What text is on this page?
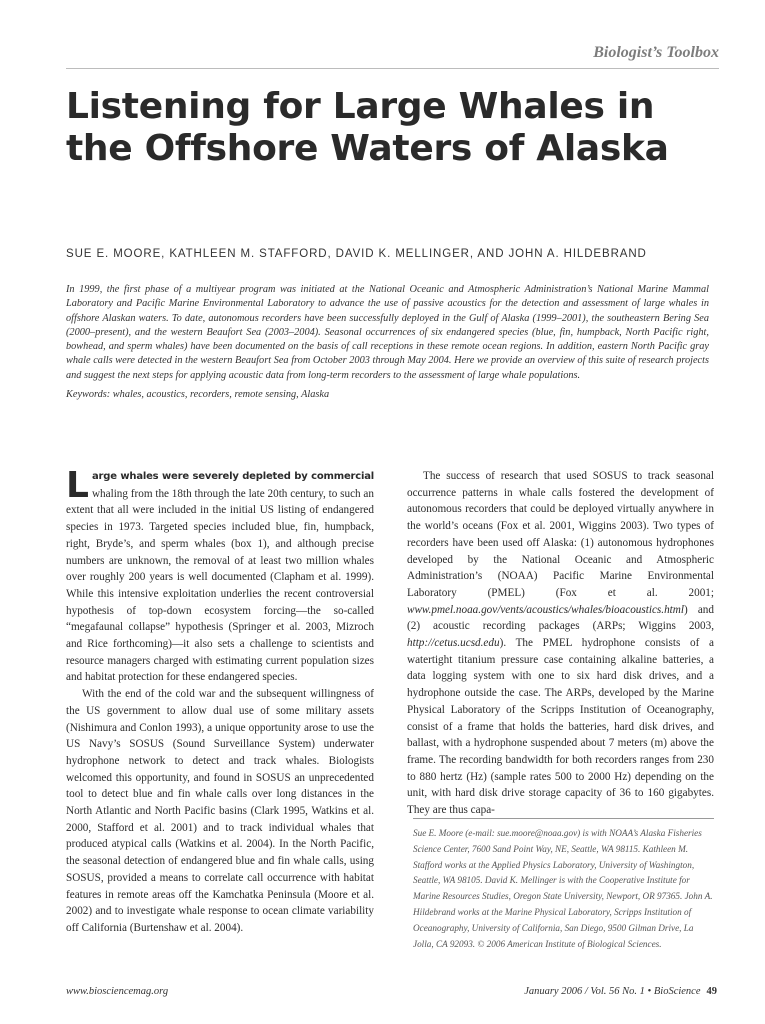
Biologist’s Toolbox
Listening for Large Whales in
the Offshore Waters of Alaska
SUE E. MOORE, KATHLEEN M. STAFFORD, DAVID K. MELLINGER, AND JOHN A. HILDEBRAND

In 1999, the first phase of a multiyear program was initiated at the National Oceanic and Atmospheric Administration’s National Marine Mammal Laboratory and Pacific Marine Environmental Laboratory to advance the use of passive acoustics for the detection and assessment of large whales in offshore Alaskan waters. To date, autonomous recorders have been successfully deployed in the Gulf of Alaska (1999–2001), the southeastern Bering Sea (2000–present), and the western Beaufort Sea (2003–2004). Seasonal occurrences of six endangered species (blue, fin, humpback, North Pacific right, bowhead, and sperm whales) have been documented on the basis of call receptions in these remote ocean regions. In addition, eastern North Pacific gray whale calls were detected in the western Beaufort Sea from October 2003 through May 2004. Here we provide an overview of this suite of research projects and suggest the next steps for applying acoustic data from long-term recorders to the assessment of large whale populations.

Keywords: whales, acoustics, recorders, remote sensing, Alaska

Large whales were severely depleted by commercial whaling from the 18th through the late 20th century, to such an extent that all were included in the initial US listing of endangered species in 1973. Targeted species included blue, fin, humpback, right, Bryde’s, and sperm whales (box 1), and although precise numbers are unknown, the removal of at least two million whales over roughly 200 years is well documented (Clapham et al. 1999). While this intensive exploitation underlies the recent controversial hypothesis of top-down ecosystem forcing—the so-called “megafaunal collapse” hypothesis (Springer et al. 2003, Mizroch and Rice forthcoming)—it also sets a challenge to scientists and resource managers charged with estimating current population sizes and habitat protection for these endangered species.

With the end of the cold war and the subsequent willingness of the US government to allow dual use of some military assets (Nishimura and Conlon 1993), a unique opportunity arose to use the US Navy’s SOSUS (Sound Surveillance System) underwater hydrophone network to detect and track whales. Biologists welcomed this opportunity, and found in SOSUS an unprecedented tool to detect blue and fin whale calls over long distances in the North Atlantic and North Pacific basins (Clark 1995, Watkins et al. 2000, Stafford et al. 2001) and to track individual whales that produced atypical calls (Watkins et al. 2004). In the North Pacific, the seasonal detection of endangered blue and fin whale calls, using SOSUS, provided a means to correlate call occurrence with habitat features in remote areas off the Kamchatka Peninsula (Moore et al. 2002) and to investigate whale response to ocean climate variability off California (Burtenshaw et al. 2004).

The success of research that used SOSUS to track seasonal occurrence patterns in whale calls fostered the development of autonomous recorders that could be deployed virtually anywhere in the world’s oceans (Fox et al. 2001, Wiggins 2003). Two types of recorders have been used off Alaska: (1) autonomous hydrophones developed by the National Oceanic and Atmospheric Administration’s (NOAA) Pacific Marine Environmental Laboratory (PMEL) (Fox et al. 2001; www.pmel.noaa.gov/vents/acoustics/whales/bioacoustics.html) and (2) acoustic recording packages (ARPs; Wiggins 2003, http://cetus.ucsd.edu). The PMEL hydrophone consists of a watertight titanium pressure case containing alkaline batteries, a data logging system with one to six hard disk drives, and a hydrophone outside the case. The ARPs, developed by the Marine Physical Laboratory of the Scripps Institution of Oceanography, consist of a frame that holds the batteries, hard disk drives, and ballast, with a hydrophone suspended about 7 meters (m) above the frame. The recording bandwidth for both recorders ranges from 230 to 880 hertz (Hz) (sample rates 500 to 2000 Hz) depending on the unit, with hard disk drive storage capacity of 36 to 160 gigabytes. They are thus capa-

Sue E. Moore (e-mail: sue.moore@noaa.gov) is with NOAA’s Alaska Fisheries Science Center, 7600 Sand Point Way, NE, Seattle, WA 98115. Kathleen M. Stafford works at the Applied Physics Laboratory, University of Washington, Seattle, WA 98105. David K. Mellinger is with the Cooperative Institute for Marine Resources Studies, Oregon State University, Newport, OR 97365. John A. Hildebrand works at the Marine Physical Laboratory, Scripps Institution of Oceanography, University of California, San Diego, 9500 Gilman Drive, La Jolla, CA 92093. © 2006 American Institute of Biological Sciences.

www.biosciencemag.org	January 2006 / Vol. 56 No. 1 • BioScience 49
